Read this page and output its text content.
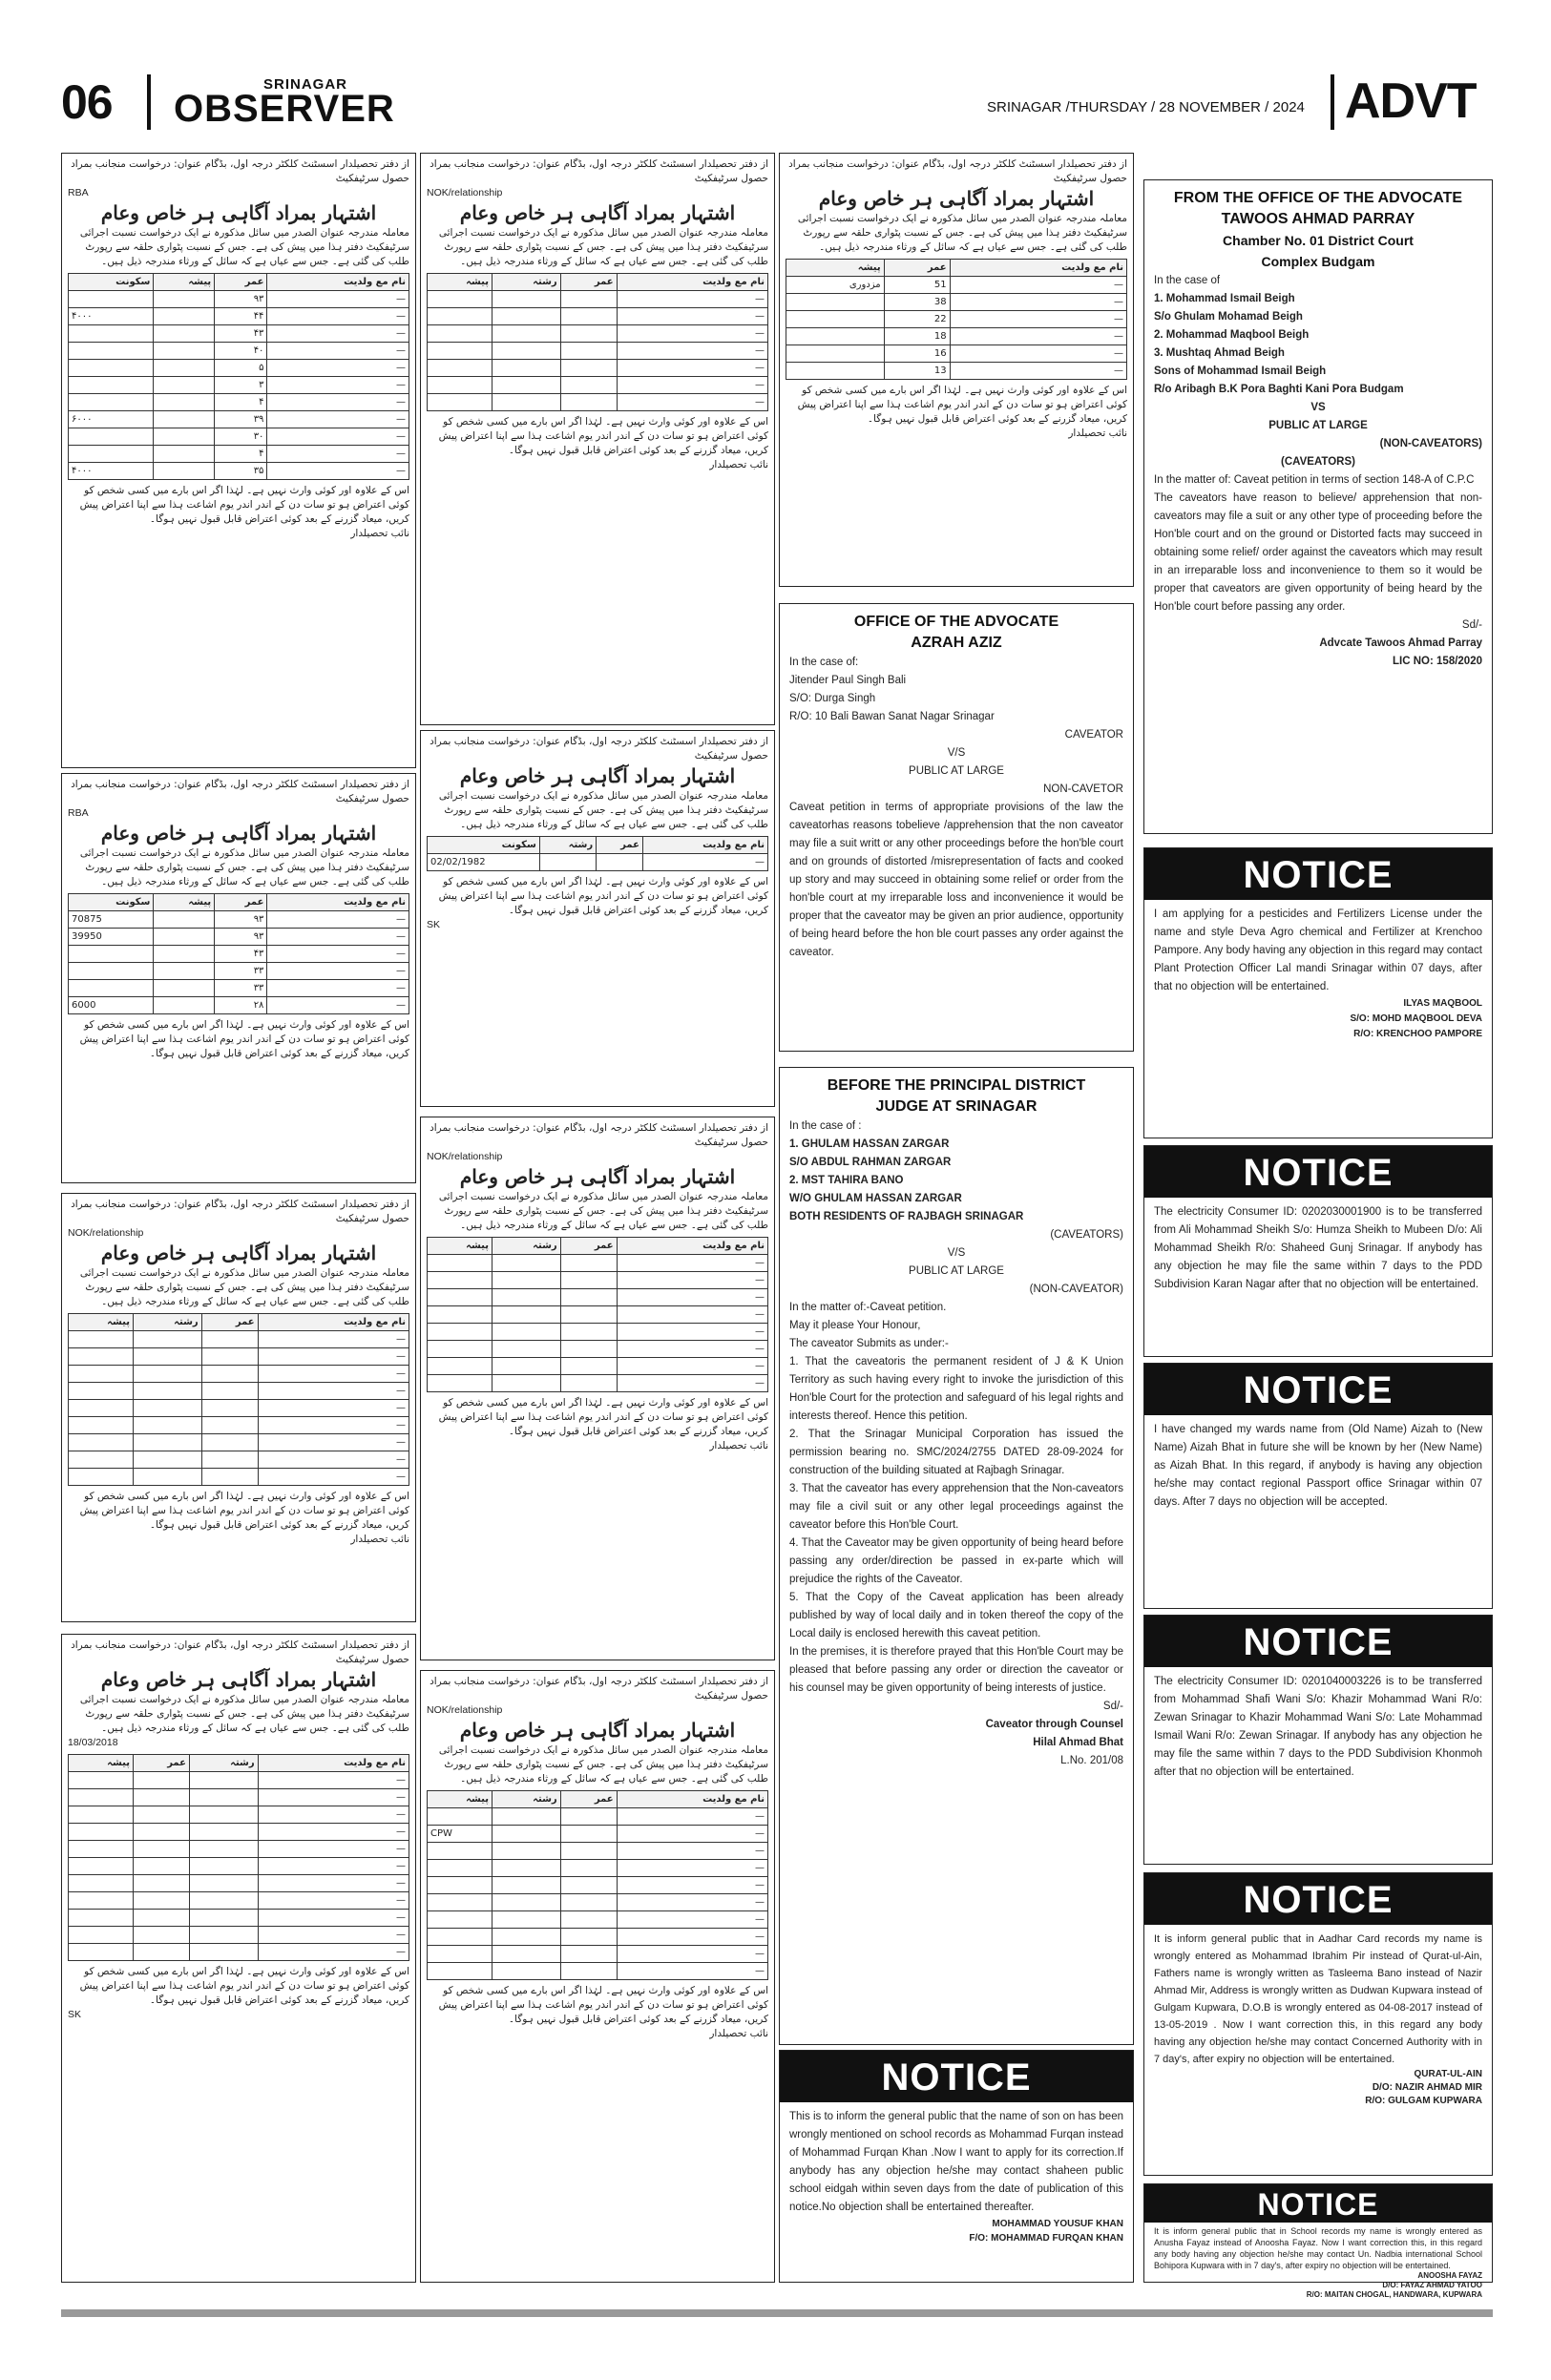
06	SRINAGAR
OBSERVER	SRINAGAR /THURSDAY / 28 NOVEMBER / 2024 ADVT
از دفتر تحصیلدار اسسٹنٹ کلکٹر درجہ اول، بڈگام عنوان: درخواست منجانب بمراد حصول سرٹیفکیٹ
RBA
اشتہار بمراد آگاہی ہر خاص وعام
معاملہ مندرجہ عنوان الصدر میں سائل مذکورہ نے ایک درخواست نسبت اجرائی سرٹیفکیٹ دفتر ہذا میں پیش کی ہے۔ جس کے نسبت پٹواری حلقہ سے رپورٹ طلب کی گئی ہے۔ جس سے عیاں ہے کہ سائل کے ورثاء مندرجہ ذیل ہیں۔
نام مع ولدیت	عمر	پیشہ	سکونت
—	۹۳		
—	۴۴		۴۰۰۰
—	۴۳		
—	۴۰		
—	۵		
—	۳		
—	۴		
—	۳۹		۶۰۰۰
—	۳۰		
—	۴		
—	۳۵		۴۰۰۰
اس کے علاوہ اور کوئی وارث نہیں ہے۔ لہٰذا اگر اس بارے میں کسی شخص کو کوئی اعتراض ہو تو سات دن کے اندر اندر یوم اشاعت ہذا سے اپنا اعتراض پیش کریں، میعاد گزرنے کے بعد کوئی اعتراض قابل قبول نہیں ہوگا۔
نائب تحصیلدار
از دفتر تحصیلدار اسسٹنٹ کلکٹر درجہ اول، بڈگام عنوان: درخواست منجانب بمراد حصول سرٹیفکیٹ
RBA
اشتہار بمراد آگاہی ہر خاص وعام
معاملہ مندرجہ عنوان الصدر میں سائل مذکورہ نے ایک درخواست نسبت اجرائی سرٹیفکیٹ دفتر ہذا میں پیش کی ہے۔ جس کے نسبت پٹواری حلقہ سے رپورٹ طلب کی گئی ہے۔ جس سے عیاں ہے کہ سائل کے ورثاء مندرجہ ذیل ہیں۔
نام مع ولدیت	عمر	پیشہ	سکونت
—	۹۳		70875
—	۹۳		39950
—	۴۳		
—	۳۳		
—	۳۳		
—	۲۸		6000
اس کے علاوہ اور کوئی وارث نہیں ہے۔ لہٰذا اگر اس بارے میں کسی شخص کو کوئی اعتراض ہو تو سات دن کے اندر اندر یوم اشاعت ہذا سے اپنا اعتراض پیش کریں، میعاد گزرنے کے بعد کوئی اعتراض قابل قبول نہیں ہوگا۔
از دفتر تحصیلدار اسسٹنٹ کلکٹر درجہ اول، بڈگام عنوان: درخواست منجانب بمراد حصول سرٹیفکیٹ
NOK/relationship
اشتہار بمراد آگاہی ہر خاص وعام
معاملہ مندرجہ عنوان الصدر میں سائل مذکورہ نے ایک درخواست نسبت اجرائی سرٹیفکیٹ دفتر ہذا میں پیش کی ہے۔ جس کے نسبت پٹواری حلقہ سے رپورٹ طلب کی گئی ہے۔ جس سے عیاں ہے کہ سائل کے ورثاء مندرجہ ذیل ہیں۔
نام مع ولدیت	عمر	رشتہ	پیشہ
—			
—			
—			
—			
—			
—			
—			
—			
—			
اس کے علاوہ اور کوئی وارث نہیں ہے۔ لہٰذا اگر اس بارے میں کسی شخص کو کوئی اعتراض ہو تو سات دن کے اندر اندر یوم اشاعت ہذا سے اپنا اعتراض پیش کریں، میعاد گزرنے کے بعد کوئی اعتراض قابل قبول نہیں ہوگا۔
نائب تحصیلدار
از دفتر تحصیلدار اسسٹنٹ کلکٹر درجہ اول، بڈگام عنوان: درخواست منجانب بمراد حصول سرٹیفکیٹ
اشتہار بمراد آگاہی ہر خاص وعام
معاملہ مندرجہ عنوان الصدر میں سائل مذکورہ نے ایک درخواست نسبت اجرائی سرٹیفکیٹ دفتر ہذا میں پیش کی ہے۔ جس کے نسبت پٹواری حلقہ سے رپورٹ طلب کی گئی ہے۔ جس سے عیاں ہے کہ سائل کے ورثاء مندرجہ ذیل ہیں۔
18/03/2018
نام مع ولدیت	رشتہ	عمر	پیشہ
—			
—			
—			
—			
—			
—			
—			
—			
—			
—			
—			
اس کے علاوہ اور کوئی وارث نہیں ہے۔ لہٰذا اگر اس بارے میں کسی شخص کو کوئی اعتراض ہو تو سات دن کے اندر اندر یوم اشاعت ہذا سے اپنا اعتراض پیش کریں، میعاد گزرنے کے بعد کوئی اعتراض قابل قبول نہیں ہوگا۔
SK
از دفتر تحصیلدار اسسٹنٹ کلکٹر درجہ اول، بڈگام عنوان: درخواست منجانب بمراد حصول سرٹیفکیٹ
NOK/relationship
اشتہار بمراد آگاہی ہر خاص وعام
معاملہ مندرجہ عنوان الصدر میں سائل مذکورہ نے ایک درخواست نسبت اجرائی سرٹیفکیٹ دفتر ہذا میں پیش کی ہے۔ جس کے نسبت پٹواری حلقہ سے رپورٹ طلب کی گئی ہے۔ جس سے عیاں ہے کہ سائل کے ورثاء مندرجہ ذیل ہیں۔
نام مع ولدیت	عمر	رشتہ	پیشہ
—			
—			
—			
—			
—			
—			
—			
اس کے علاوہ اور کوئی وارث نہیں ہے۔ لہٰذا اگر اس بارے میں کسی شخص کو کوئی اعتراض ہو تو سات دن کے اندر اندر یوم اشاعت ہذا سے اپنا اعتراض پیش کریں، میعاد گزرنے کے بعد کوئی اعتراض قابل قبول نہیں ہوگا۔
نائب تحصیلدار
از دفتر تحصیلدار اسسٹنٹ کلکٹر درجہ اول، بڈگام عنوان: درخواست منجانب بمراد حصول سرٹیفکیٹ
اشتہار بمراد آگاہی ہر خاص وعام
معاملہ مندرجہ عنوان الصدر میں سائل مذکورہ نے ایک درخواست نسبت اجرائی سرٹیفکیٹ دفتر ہذا میں پیش کی ہے۔ جس کے نسبت پٹواری حلقہ سے رپورٹ طلب کی گئی ہے۔ جس سے عیاں ہے کہ سائل کے ورثاء مندرجہ ذیل ہیں۔
نام مع ولدیت	عمر	رشتہ	سکونت
—			02/02/1982
اس کے علاوہ اور کوئی وارث نہیں ہے۔ لہٰذا اگر اس بارے میں کسی شخص کو کوئی اعتراض ہو تو سات دن کے اندر اندر یوم اشاعت ہذا سے اپنا اعتراض پیش کریں، میعاد گزرنے کے بعد کوئی اعتراض قابل قبول نہیں ہوگا۔
SK
از دفتر تحصیلدار اسسٹنٹ کلکٹر درجہ اول، بڈگام عنوان: درخواست منجانب بمراد حصول سرٹیفکیٹ
NOK/relationship
اشتہار بمراد آگاہی ہر خاص وعام
معاملہ مندرجہ عنوان الصدر میں سائل مذکورہ نے ایک درخواست نسبت اجرائی سرٹیفکیٹ دفتر ہذا میں پیش کی ہے۔ جس کے نسبت پٹواری حلقہ سے رپورٹ طلب کی گئی ہے۔ جس سے عیاں ہے کہ سائل کے ورثاء مندرجہ ذیل ہیں۔
نام مع ولدیت	عمر	رشتہ	پیشہ
—			
—			
—			
—			
—			
—			
—			
—			
اس کے علاوہ اور کوئی وارث نہیں ہے۔ لہٰذا اگر اس بارے میں کسی شخص کو کوئی اعتراض ہو تو سات دن کے اندر اندر یوم اشاعت ہذا سے اپنا اعتراض پیش کریں، میعاد گزرنے کے بعد کوئی اعتراض قابل قبول نہیں ہوگا۔
نائب تحصیلدار
از دفتر تحصیلدار اسسٹنٹ کلکٹر درجہ اول، بڈگام عنوان: درخواست منجانب بمراد حصول سرٹیفکیٹ
NOK/relationship
اشتہار بمراد آگاہی ہر خاص وعام
معاملہ مندرجہ عنوان الصدر میں سائل مذکورہ نے ایک درخواست نسبت اجرائی سرٹیفکیٹ دفتر ہذا میں پیش کی ہے۔ جس کے نسبت پٹواری حلقہ سے رپورٹ طلب کی گئی ہے۔ جس سے عیاں ہے کہ سائل کے ورثاء مندرجہ ذیل ہیں۔
نام مع ولدیت	عمر	رشتہ	پیشہ
—			
—			CPW
—			
—			
—			
—			
—			
—			
—			
—			
اس کے علاوہ اور کوئی وارث نہیں ہے۔ لہٰذا اگر اس بارے میں کسی شخص کو کوئی اعتراض ہو تو سات دن کے اندر اندر یوم اشاعت ہذا سے اپنا اعتراض پیش کریں، میعاد گزرنے کے بعد کوئی اعتراض قابل قبول نہیں ہوگا۔
نائب تحصیلدار
از دفتر تحصیلدار اسسٹنٹ کلکٹر درجہ اول، بڈگام عنوان: درخواست منجانب بمراد حصول سرٹیفکیٹ
اشتہار بمراد آگاہی ہر خاص وعام
معاملہ مندرجہ عنوان الصدر میں سائل مذکورہ نے ایک درخواست نسبت اجرائی سرٹیفکیٹ دفتر ہذا میں پیش کی ہے۔ جس کے نسبت پٹواری حلقہ سے رپورٹ طلب کی گئی ہے۔ جس سے عیاں ہے کہ سائل کے ورثاء مندرجہ ذیل ہیں۔
نام مع ولدیت	عمر	پیشہ
—	51	مزدوری
—	38	
—	22	
—	18	
—	16	
—	13	
اس کے علاوہ اور کوئی وارث نہیں ہے۔ لہٰذا اگر اس بارے میں کسی شخص کو کوئی اعتراض ہو تو سات دن کے اندر اندر یوم اشاعت ہذا سے اپنا اعتراض پیش کریں، میعاد گزرنے کے بعد کوئی اعتراض قابل قبول نہیں ہوگا۔
نائب تحصیلدار
OFFICE OF THE ADVOCATE
AZRAH AZIZ
In the case of:
Jitender Paul Singh Bali
S/O: Durga Singh
R/O: 10 Bali Bawan Sanat Nagar Srinagar
CAVEATOR
V/S
PUBLIC AT LARGE
NON-CAVETOR
Caveat petition in terms of appropriate provisions of the law the caveatorhas reasons tobelieve /apprehension that the non caveator may file a suit writt or any other proceedings before the hon'ble court and on grounds of distorted /misrepresentation of facts and cooked up story and may succeed in obtaining some relief or order from the hon'ble court at my irreparable loss and inconvenience it would be proper that the caveator may be given an prior audience, opportunity of being heard before the hon ble court passes any order against the caveator.
BEFORE THE PRINCIPAL DISTRICT
JUDGE AT SRINAGAR
In the case of :
1. GHULAM HASSAN ZARGAR
S/O ABDUL RAHMAN ZARGAR
2. MST TAHIRA BANO
W/O GHULAM HASSAN ZARGAR
BOTH RESIDENTS OF RAJBAGH SRINAGAR
(CAVEATORS)
V/S
PUBLIC AT LARGE
(NON-CAVEATOR)
In the matter of:-Caveat petition.
May it please Your Honour,
The caveator Submits as under:-
1. That the caveatoris the permanent resident of J & K Union Territory as such having every right to invoke the jurisdiction of this Hon'ble Court for the protection and safeguard of his legal rights and interests thereof. Hence this petition.
2. That the Srinagar Municipal Corporation has issued the permission bearing no. SMC/2024/2755 DATED 28-09-2024 for construction of the building situated at Rajbagh Srinagar.
3. That the caveator has every apprehension that the Non-caveators may file a civil suit or any other legal proceedings against the caveator before this Hon'ble Court.
4. That the Caveator may be given opportunity of being heard before passing any order/direction be passed in ex-parte which will prejudice the rights of the Caveator.
5. That the Copy of the Caveat application has been already published by way of local daily and in token thereof the copy of the Local daily is enclosed herewith this caveat petition.
In the premises, it is therefore prayed that this Hon'ble Court may be pleased that before passing any order or direction the caveator or his counsel may be given opportunity of being interests of justice.
Sd/-
Caveator through Counsel
Hilal Ahmad Bhat
L.No. 201/08
NOTICE
This is to inform the general public that the name of son on has been wrongly mentioned on school records as Mohammad Furqan instead of Mohammad Furqan Khan .Now I want to apply for its correction.If anybody has any objection he/she may contact shaheen public school eidgah within seven days from the date of publication of this notice.No objection shall be entertained thereafter.
MOHAMMAD YOUSUF KHAN
F/O: MOHAMMAD FURQAN KHAN
FROM THE OFFICE OF THE ADVOCATE
TAWOOS AHMAD PARRAY
Chamber No. 01 District Court
Complex Budgam
In the case of
1. Mohammad Ismail Beigh
S/o Ghulam Mohamad Beigh
2. Mohammad Maqbool Beigh
3. Mushtaq Ahmad Beigh
Sons of Mohammad Ismail Beigh
R/o Aribagh B.K Pora Baghti Kani Pora Budgam
VS
PUBLIC AT LARGE
(NON-CAVEATORS)
(CAVEATORS)
In the matter of: Caveat petition in terms of section 148-A of C.P.C
The caveators have reason to believe/ apprehension that non-caveators may file a suit or any other type of proceeding before the Hon'ble court and on the ground or Distorted facts may succeed in obtaining some relief/ order against the caveators which may result in an irreparable loss and inconvenience to them so it would be proper that caveators are given opportunity of being heard by the Hon'ble court before passing any order.
Sd/-
Advcate Tawoos Ahmad Parray
LIC NO: 158/2020
NOTICE
I am applying for a pesticides and Fertilizers License under the name and style Deva Agro chemical and Fertilizer at Krenchoo Pampore. Any body having any objection in this regard may contact Plant Protection Officer Lal mandi Srinagar within 07 days, after that no objection will be entertained.
ILYAS MAQBOOL
S/O: MOHD MAQBOOL DEVA
R/O: KRENCHOO PAMPORE
NOTICE
The electricity Consumer ID: 0202030001900 is to be transferred from Ali Mohammad Sheikh S/o: Humza Sheikh to Mubeen D/o: Ali Mohammad Sheikh R/o: Shaheed Gunj Srinagar. If anybody has any objection he may file the same within 7 days to the PDD Subdivision Karan Nagar after that no objection will be entertained.
NOTICE
I have changed my wards name from (Old Name) Aizah to (New Name) Aizah Bhat in future she will be known by her (New Name) as Aizah Bhat. In this regard, if anybody is having any objection he/she may contact regional Passport office Srinagar within 07 days. After 7 days no objection will be accepted.
NOTICE
The electricity Consumer ID: 0201040003226 is to be transferred from Mohammad Shafi Wani S/o: Khazir Mohammad Wani R/o: Zewan Srinagar to Khazir Mohammad Wani S/o: Late Mohammad Ismail Wani R/o: Zewan Srinagar. If anybody has any objection he may file the same within 7 days to the PDD Subdivision Khonmoh after that no objection will be entertained.
NOTICE
It is inform general public that in Aadhar Card records my name is wrongly entered as Mohammad Ibrahim Pir instead of Qurat-ul-Ain, Fathers name is wrongly written as Tasleema Bano instead of Nazir Ahmad Mir, Address is wrongly written as Dudwan Kupwara instead of Gulgam Kupwara, D.O.B is wrongly entered as 04-08-2017 instead of 13-05-2019 . Now I want correction this, in this regard any body having any objection he/she may contact Concerned Authority with in 7 day's, after expiry no objection will be entertained.
QURAT-UL-AIN
D/O: NAZIR AHMAD MIR
R/O: GULGAM KUPWARA
NOTICE
It is inform general public that in School records my name is wrongly entered as Anusha Fayaz instead of Anoosha Fayaz. Now I want correction this, in this regard any body having any objection he/she may contact Un. Nadbia international School Bohipora Kupwara with in 7 day's, after expiry no objection will be entertained.
ANOOSHA FAYAZ
D/O: FAYAZ AHMAD YATOO
R/O: MAITAN CHOGAL, HANDWARA, KUPWARA
